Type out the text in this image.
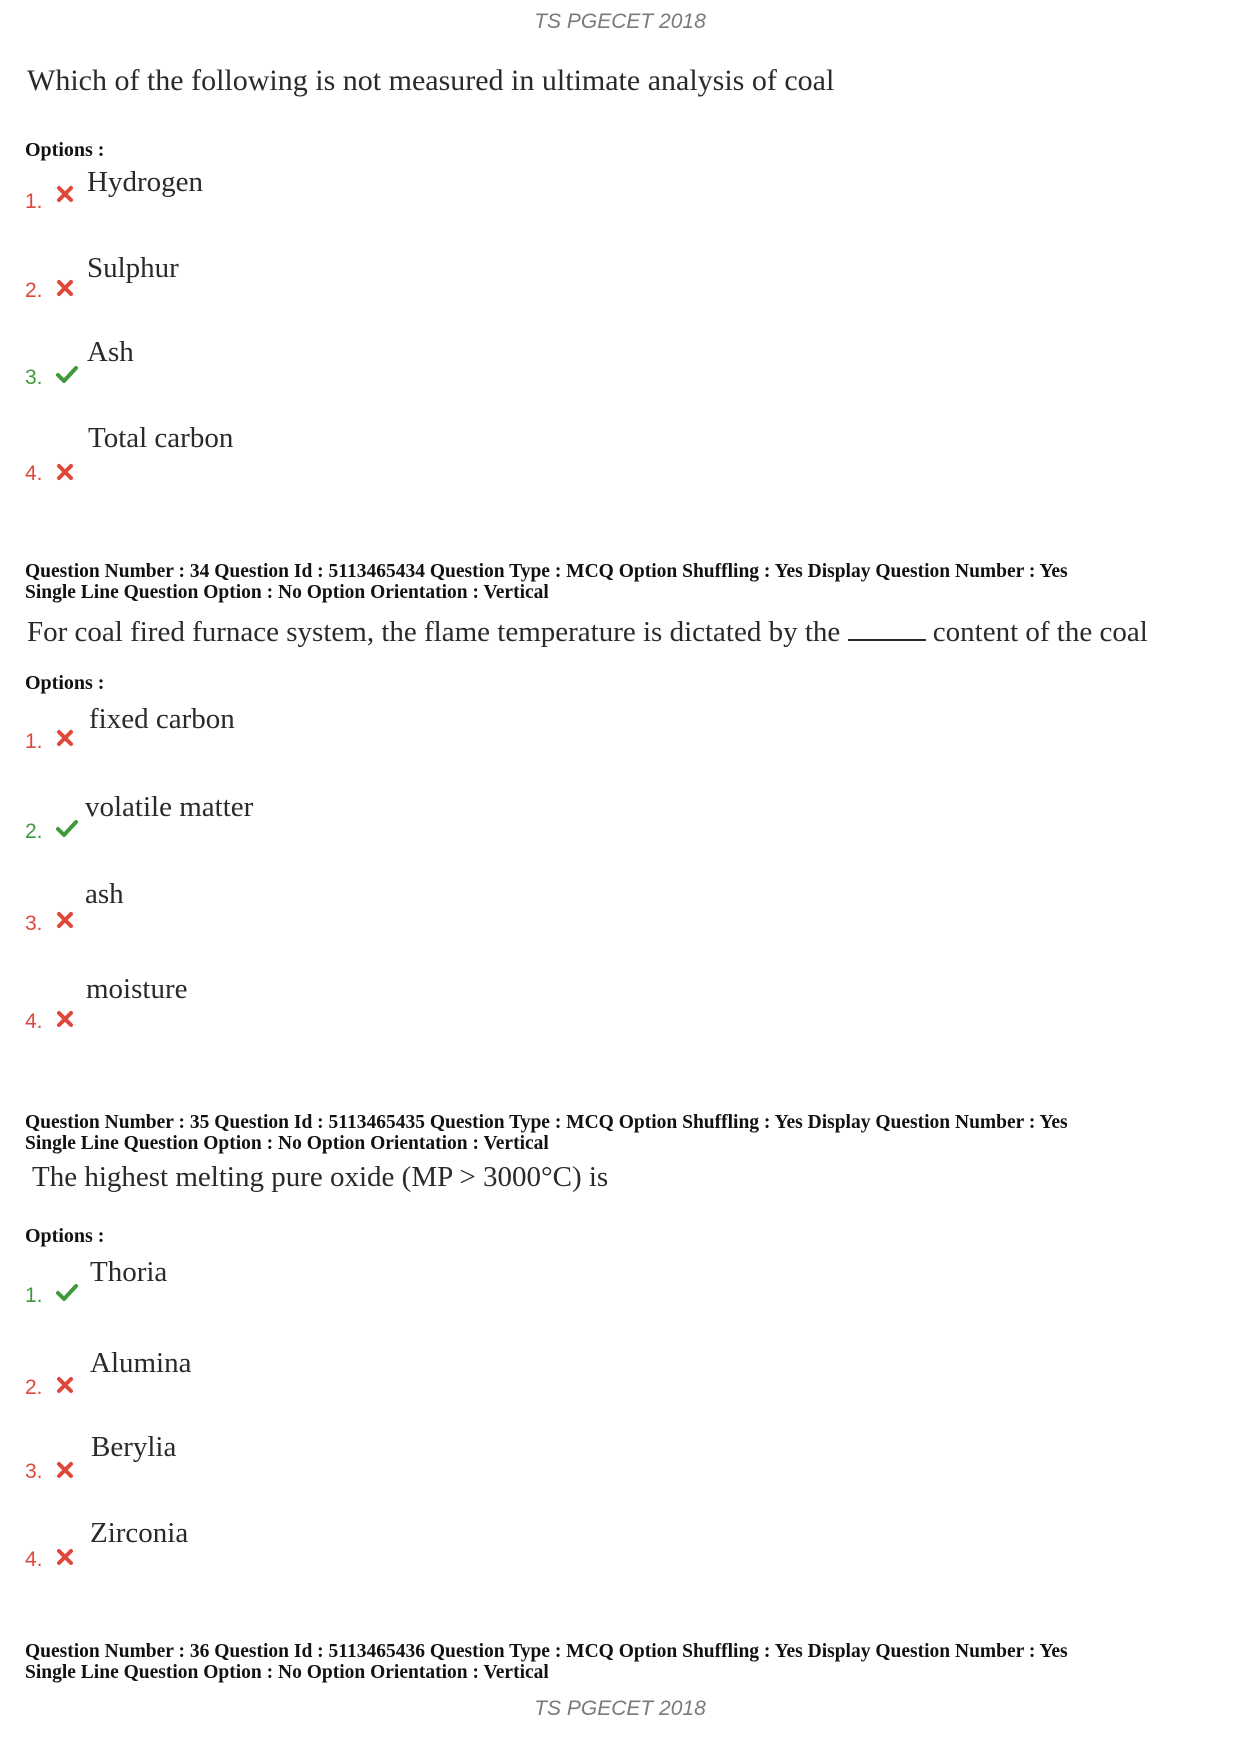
TS PGECET 2018

Which of the following is not measured in ultimate analysis of coal

Options :

1.
Hydrogen
2.
Sulphur
3.
Ash
4.
Total carbon

Question Number : 34 Question Id : 5113465434 Question Type : MCQ Option Shuffling : Yes Display Question Number : Yes

Single Line Question Option : No Option Orientation : Vertical

For coal fired furnace system, the flame temperature is dictated by the	content of the coal

Options :

1.
fixed carbon
2.
volatile matter
3.
ash
4.
moisture

Question Number : 35 Question Id : 5113465435 Question Type : MCQ Option Shuffling : Yes Display Question Number : Yes

Single Line Question Option : No Option Orientation : Vertical

The highest melting pure oxide (MP > 3000°C) is

Options :

1.
Thoria
2.
Alumina
3.
Berylia
4.
Zirconia

Question Number : 36 Question Id : 5113465436 Question Type : MCQ Option Shuffling : Yes Display Question Number : Yes

Single Line Question Option : No Option Orientation : Vertical

TS PGECET 2018
